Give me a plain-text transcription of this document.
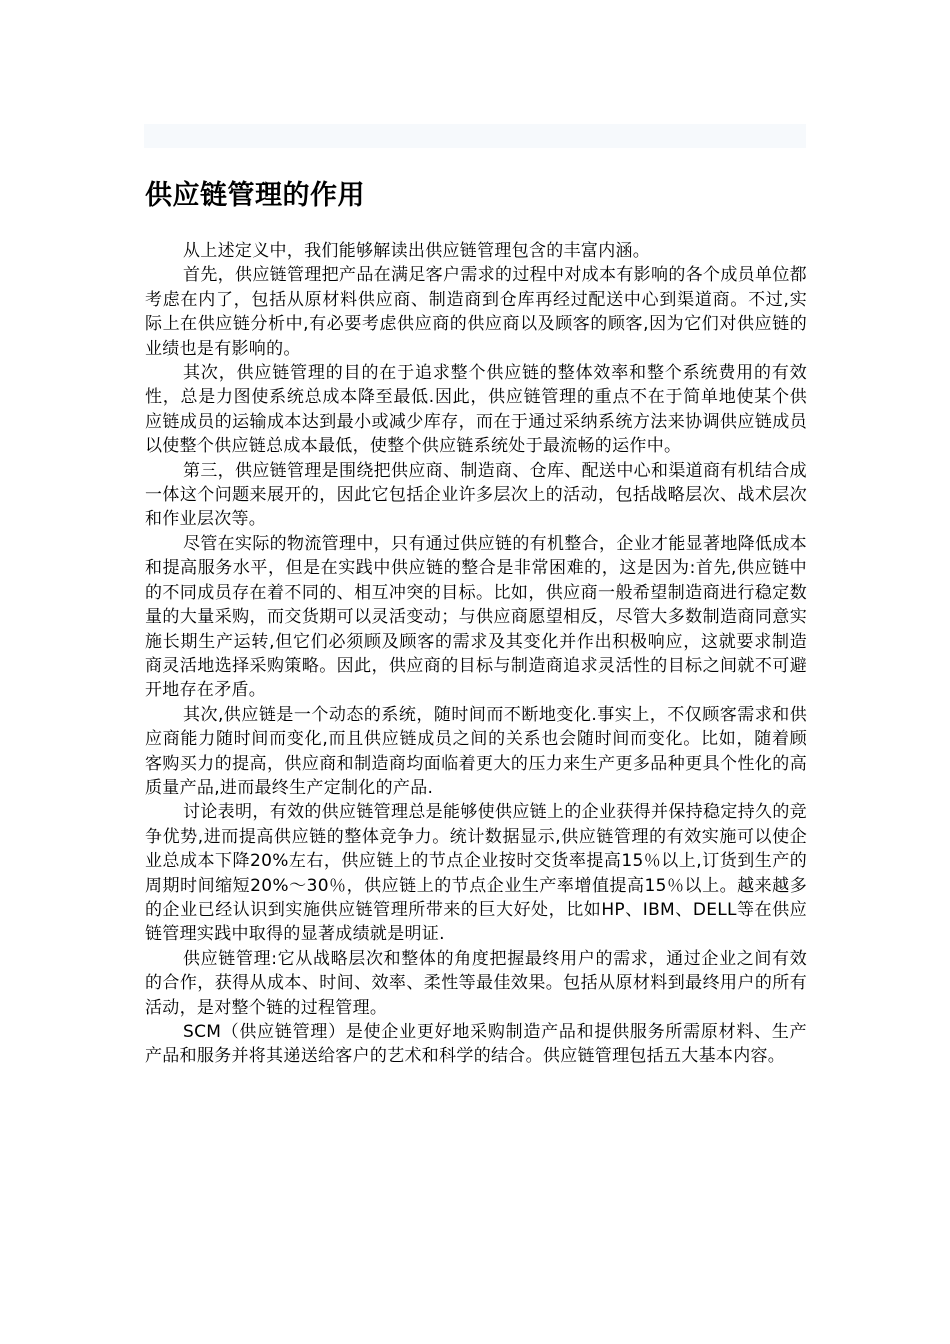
供应链管理的作用

从上述定义中，我们能够解读出供应链管理包含的丰富内涵。

首先，供应链管理把产品在满足客户需求的过程中对成本有影响的各个成员单位都考虑在内了，包括从原材料供应商、制造商到仓库再经过配送中心到渠道商。不过,实际上在供应链分析中,有必要考虑供应商的供应商以及顾客的顾客,因为它们对供应链的业绩也是有影响的。

其次，供应链管理的目的在于追求整个供应链的整体效率和整个系统费用的有效性，总是力图使系统总成本降至最低.因此，供应链管理的重点不在于简单地使某个供应链成员的运输成本达到最小或减少库存，而在于通过采纳系统方法来协调供应链成员以使整个供应链总成本最低，使整个供应链系统处于最流畅的运作中。

第三，供应链管理是围绕把供应商、制造商、仓库、配送中心和渠道商有机结合成一体这个问题来展开的，因此它包括企业许多层次上的活动，包括战略层次、战术层次和作业层次等。

尽管在实际的物流管理中，只有通过供应链的有机整合，企业才能显著地降低成本和提高服务水平，但是在实践中供应链的整合是非常困难的，这是因为:首先,供应链中的不同成员存在着不同的、相互冲突的目标。比如，供应商一般希望制造商进行稳定数量的大量采购，而交货期可以灵活变动；与供应商愿望相反，尽管大多数制造商同意实施长期生产运转,但它们必须顾及顾客的需求及其变化并作出积极响应，这就要求制造商灵活地选择采购策略。因此，供应商的目标与制造商追求灵活性的目标之间就不可避开地存在矛盾。

其次,供应链是一个动态的系统，随时间而不断地变化.事实上，不仅顾客需求和供应商能力随时间而变化,而且供应链成员之间的关系也会随时间而变化。比如，随着顾客购买力的提高，供应商和制造商均面临着更大的压力来生产更多品种更具个性化的高质量产品,进而最终生产定制化的产品.

讨论表明，有效的供应链管理总是能够使供应链上的企业获得并保持稳定持久的竞争优势,进而提高供应链的整体竞争力。统计数据显示,供应链管理的有效实施可以使企业总成本下降20%左右，供应链上的节点企业按时交货率提高15％以上,订货到生产的周期时间缩短20%～30％，供应链上的节点企业生产率增值提高15％以上。越来越多的企业已经认识到实施供应链管理所带来的巨大好处，比如HP、IBM、DELL等在供应链管理实践中取得的显著成绩就是明证.

供应链管理:它从战略层次和整体的角度把握最终用户的需求，通过企业之间有效的合作，获得从成本、时间、效率、柔性等最佳效果。包括从原材料到最终用户的所有活动，是对整个链的过程管理。

SCM（供应链管理）是使企业更好地采购制造产品和提供服务所需原材料、生产产品和服务并将其递送给客户的艺术和科学的结合。供应链管理包括五大基本内容。
